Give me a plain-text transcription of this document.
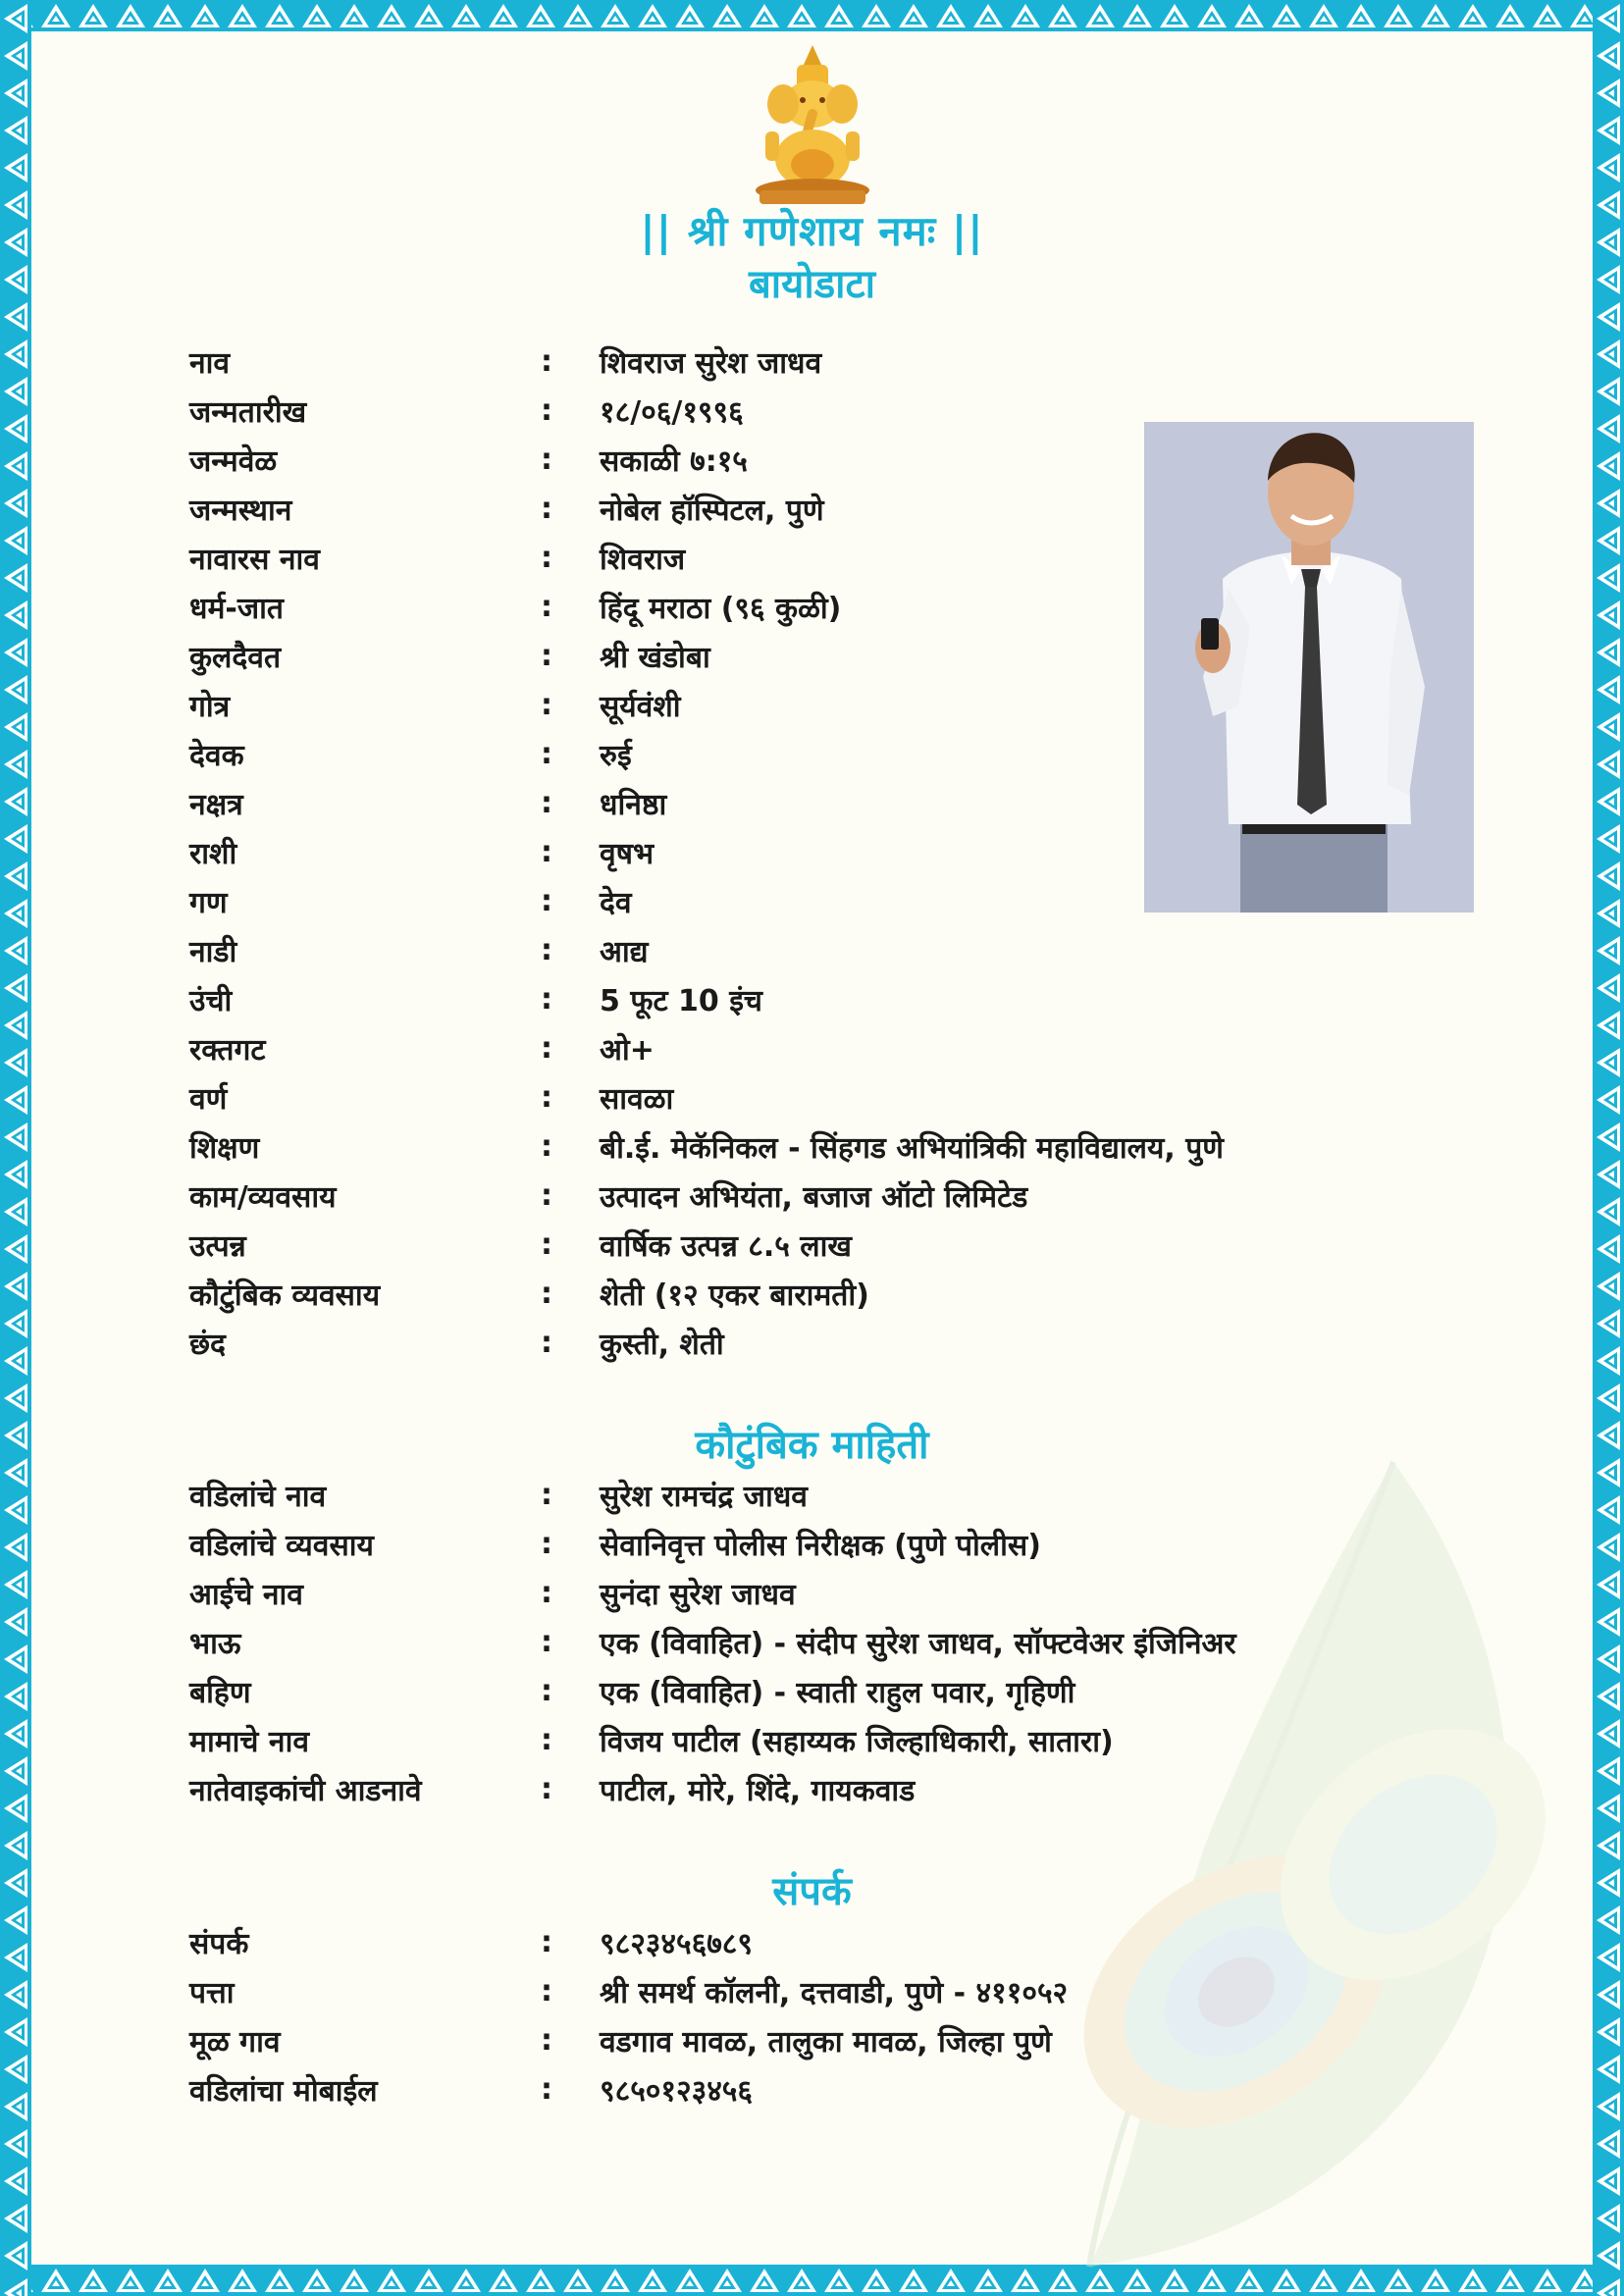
|| श्री गणेशाय नमः ||
बायोडाटा
नाव	:	शिवराज सुरेश जाधव
जन्मतारीख	:	१८/०६/१९९६
जन्मवेळ	:	सकाळी ७:१५
जन्मस्थान	:	नोबेल हॉस्पिटल, पुणे
नावारस नाव	:	शिवराज
धर्म-जात	:	हिंदू मराठा (९६ कुळी)
कुलदैवत	:	श्री खंडोबा
गोत्र	:	सूर्यवंशी
देवक	:	रुई
नक्षत्र	:	धनिष्ठा
राशी	:	वृषभ
गण	:	देव
नाडी	:	आद्य
उंची	:	5 फूट 10 इंच
रक्तगट	:	ओ+
वर्ण	:	सावळा
शिक्षण	:	बी.ई. मेकॅनिकल - सिंहगड अभियांत्रिकी महाविद्यालय, पुणे
काम/व्यवसाय	:	उत्पादन अभियंता, बजाज ऑटो लिमिटेड
उत्पन्न	:	वार्षिक उत्पन्न ८.५ लाख
कौटुंबिक व्यवसाय	:	शेती (१२ एकर बारामती)
छंद	:	कुस्ती, शेती
कौटुंबिक माहिती
वडिलांचे नाव	:	सुरेश रामचंद्र जाधव
वडिलांचे व्यवसाय	:	सेवानिवृत्त पोलीस निरीक्षक (पुणे पोलीस)
आईचे नाव	:	सुनंदा सुरेश जाधव
भाऊ	:	एक (विवाहित) - संदीप सुरेश जाधव, सॉफ्टवेअर इंजिनिअर
बहिण	:	एक (विवाहित) - स्वाती राहुल पवार, गृहिणी
मामाचे नाव	:	विजय पाटील (सहाय्यक जिल्हाधिकारी, सातारा)
नातेवाइकांची आडनावे	:	पाटील, मोरे, शिंदे, गायकवाड
संपर्क
संपर्क	:	९८२३४५६७८९
पत्ता	:	श्री समर्थ कॉलनी, दत्तवाडी, पुणे - ४११०५२
मूळ गाव	:	वडगाव मावळ, तालुका मावळ, जिल्हा पुणे
वडिलांचा मोबाईल	:	९८५०१२३४५६
